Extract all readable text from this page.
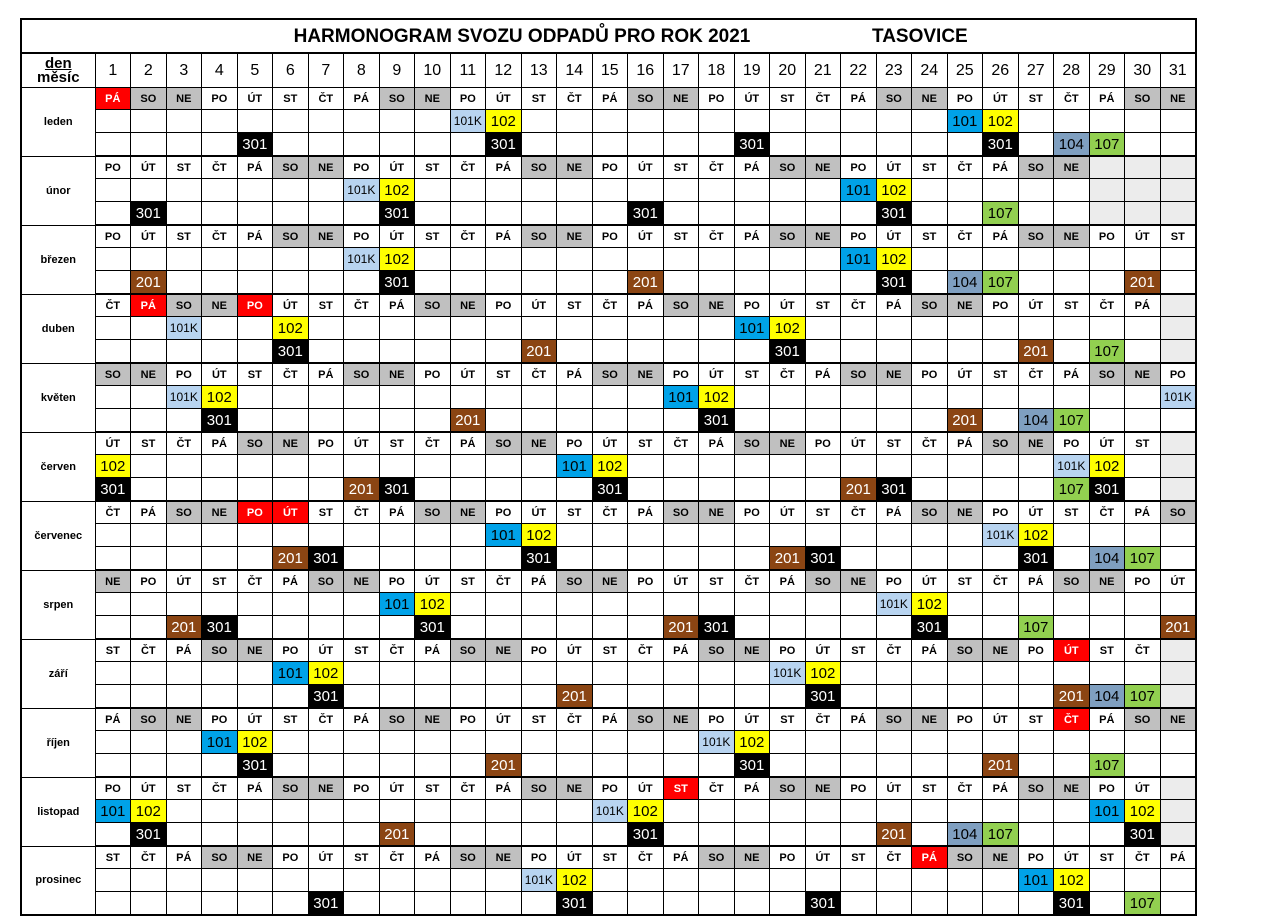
HARMONOGRAM SVOZU ODPADŮ PRO ROK 2021	TASOVICE
den
měsíc	1	2	3	4	5	6	7	8	9	10	11	12	13	14	15	16	17	18	19	20	21	22	23	24	25	26	27	28	29	30	31
leden	PÁ	SO	NE	PO	ÚT	ST	ČT	PÁ	SO	NE	PO	ÚT	ST	ČT	PÁ	SO	NE	PO	ÚT	ST	ČT	PÁ	SO	NE	PO	ÚT	ST	ČT	PÁ	SO	NE
											101K	102													101	102					
					301							301							301							301		104	107		
únor	PO	ÚT	ST	ČT	PÁ	SO	NE	PO	ÚT	ST	ČT	PÁ	SO	NE	PO	ÚT	ST	ČT	PÁ	SO	NE	PO	ÚT	ST	ČT	PÁ	SO	NE			
								101K	102													101	102								
		301							301							301							301			107					
březen	PO	ÚT	ST	ČT	PÁ	SO	NE	PO	ÚT	ST	ČT	PÁ	SO	NE	PO	ÚT	ST	ČT	PÁ	SO	NE	PO	ÚT	ST	ČT	PÁ	SO	NE	PO	ÚT	ST
								101K	102													101	102								
		201							301							201							301		104	107				201	
duben	ČT	PÁ	SO	NE	PO	ÚT	ST	ČT	PÁ	SO	NE	PO	ÚT	ST	ČT	PÁ	SO	NE	PO	ÚT	ST	ČT	PÁ	SO	NE	PO	ÚT	ST	ČT	PÁ	
			101K			102													101	102											
						301							201							301							201		107		
květen	SO	NE	PO	ÚT	ST	ČT	PÁ	SO	NE	PO	ÚT	ST	ČT	PÁ	SO	NE	PO	ÚT	ST	ČT	PÁ	SO	NE	PO	ÚT	ST	ČT	PÁ	SO	NE	PO
			101K	102													101	102													101K
				301							201							301							201		104	107			
červen	ÚT	ST	ČT	PÁ	SO	NE	PO	ÚT	ST	ČT	PÁ	SO	NE	PO	ÚT	ST	ČT	PÁ	SO	NE	PO	ÚT	ST	ČT	PÁ	SO	NE	PO	ÚT	ST	
	102													101	102													101K	102		
	301							201	301						301							201	301					107	301		
červenec	ČT	PÁ	SO	NE	PO	ÚT	ST	ČT	PÁ	SO	NE	PO	ÚT	ST	ČT	PÁ	SO	NE	PO	ÚT	ST	ČT	PÁ	SO	NE	PO	ÚT	ST	ČT	PÁ	SO
												101	102													101K	102				
						201	301						301							201	301						301		104	107	
srpen	NE	PO	ÚT	ST	ČT	PÁ	SO	NE	PO	ÚT	ST	ČT	PÁ	SO	NE	PO	ÚT	ST	ČT	PÁ	SO	NE	PO	ÚT	ST	ČT	PÁ	SO	NE	PO	ÚT
									101	102													101K	102							
			201	301						301							201	301						301			107				201
září	ST	ČT	PÁ	SO	NE	PO	ÚT	ST	ČT	PÁ	SO	NE	PO	ÚT	ST	ČT	PÁ	SO	NE	PO	ÚT	ST	ČT	PÁ	SO	NE	PO	ÚT	ST	ČT	
						101	102													101K	102										
							301							201							301							201	104	107	
říjen	PÁ	SO	NE	PO	ÚT	ST	ČT	PÁ	SO	NE	PO	ÚT	ST	ČT	PÁ	SO	NE	PO	ÚT	ST	ČT	PÁ	SO	NE	PO	ÚT	ST	ČT	PÁ	SO	NE
				101	102													101K	102												
					301							201							301							201			107		
listopad	PO	ÚT	ST	ČT	PÁ	SO	NE	PO	ÚT	ST	ČT	PÁ	SO	NE	PO	ÚT	ST	ČT	PÁ	SO	NE	PO	ÚT	ST	ČT	PÁ	SO	NE	PO	ÚT	
	101	102													101K	102													101	102	
		301							201							301							201		104	107				301	
prosinec	ST	ČT	PÁ	SO	NE	PO	ÚT	ST	ČT	PÁ	SO	NE	PO	ÚT	ST	ČT	PÁ	SO	NE	PO	ÚT	ST	ČT	PÁ	SO	NE	PO	ÚT	ST	ČT	PÁ
													101K	102													101	102			
							301							301							301							301		107	
